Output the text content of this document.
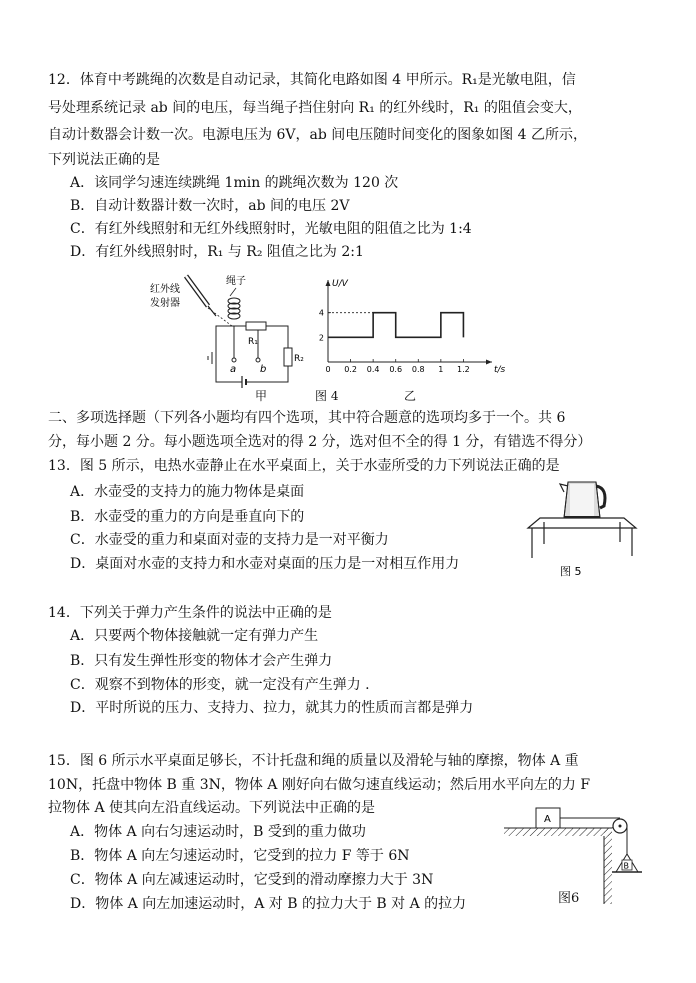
12．体育中考跳绳的次数是自动记录，其简化电路如图 4 甲所示。R₁是光敏电阻，信
号处理系统记录 ab 间的电压，每当绳子挡住射向 R₁ 的红外线时，R₁ 的阻值会变大，
自动计数器会计数一次。电源电压为 6V，ab 间电压随时间变化的图象如图 4 乙所示，
下列说法正确的是
A．该同学匀速连续跳绳 1min 的跳绳次数为 120 次
B．自动计数器计数一次时，ab 间的电压 2V
C．有红外线照射和无红外线照射时，光敏电阻的阻值之比为 1:4
D．有红外线照射时，R₁ 与 R₂ 阻值之比为 2:1
红外线
发射器
绳子
R₁
R₂
a b	0 0.2 0.4 0.6 0.8 1 1.2
2
4
t/s
U/V
甲	图 4	乙
二、多项选择题（下列各小题均有四个选项，其中符合题意的选项均多于一个。共 6
分，每小题 2 分。每小题选项全选对的得 2 分，选对但不全的得 1 分，有错选不得分）
13．图 5 所示，电热水壶静止在水平桌面上，关于水壶所受的力下列说法正确的是
A．水壶受的支持力的施力物体是桌面
B．水壶受的重力的方向是垂直向下的
C．水壶受的重力和桌面对壶的支持力是一对平衡力
D．桌面对水壶的支持力和水壶对桌面的压力是一对相互作用力	图 5
14．下列关于弹力产生条件的说法中正确的是
A．只要两个物体接触就一定有弹力产生
B．只有发生弹性形变的物体才会产生弹力
C．观察不到物体的形变，就一定没有产生弹力 .
D．平时所说的压力、支持力、拉力，就其力的性质而言都是弹力
15．图 6 所示水平桌面足够长，不计托盘和绳的质量以及滑轮与轴的摩擦，物体 A 重
10N，托盘中物体 B 重 3N，物体 A 刚好向右做匀速直线运动；然后用水平向左的力 F
拉物体 A 使其向左沿直线运动。下列说法中正确的是
A．物体 A 向右匀速运动时，B 受到的重力做功
B．物体 A 向左匀速运动时，它受到的拉力 F 等于 6N
C．物体 A 向左减速运动时，它受到的滑动摩擦力大于 3N
D．物体 A 向左加速运动时，A 对 B 的拉力大于 B 对 A 的拉力
A
B
图6
